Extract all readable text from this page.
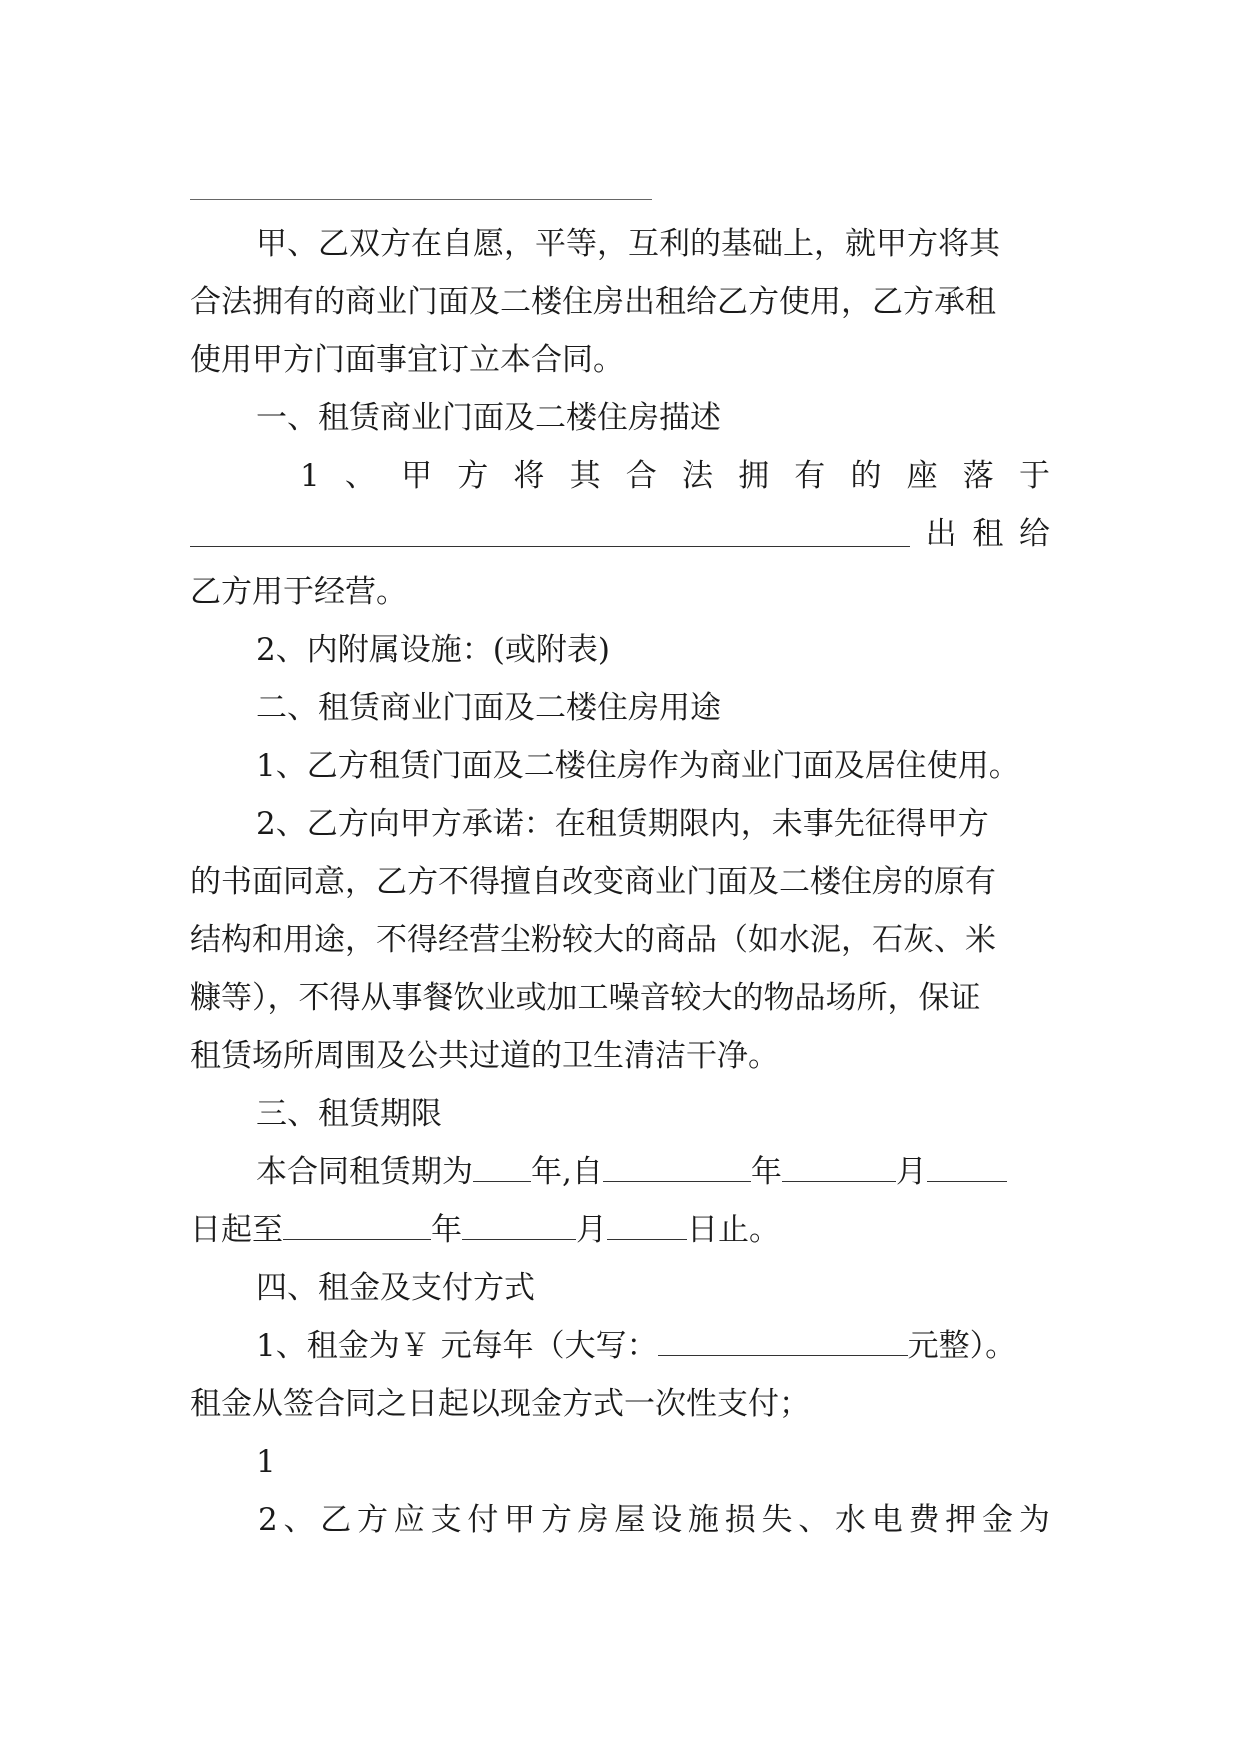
甲、乙双方在自愿，平等，互利的基础上，就甲方将其
合法拥有的商业门面及二楼住房出租给乙方使用，乙方承租
使用甲方门面事宜订立本合同。
一、租赁商业门面及二楼住房描述
1 、 甲 方 将 其 合 法 拥 有 的 座 落 于
出 租 给
乙方用于经营。
2、内附属设施：(或附表)
二、租赁商业门面及二楼住房用途
1、乙方租赁门面及二楼住房作为商业门面及居住使用。
2、乙方向甲方承诺：在租赁期限内，未事先征得甲方
的书面同意，乙方不得擅自改变商业门面及二楼住房的原有
结构和用途，不得经营尘粉较大的商品（如水泥，石灰、米
糠等），不得从事餐饮业或加工噪音较大的物品场所，保证
租赁场所周围及公共过道的卫生清洁干净。
三、租赁期限
本合同租赁期为 年,自	年	月
日起至	年	月	日止。
四、租金及支付方式
1、租金为￥ 元每年（大写：	元整）。
租金从签合同之日起以现金方式一次性支付；
1
2 、 乙 方 应 支 付 甲 方 房 屋 设 施 损 失 、 水 电 费 押 金 为
